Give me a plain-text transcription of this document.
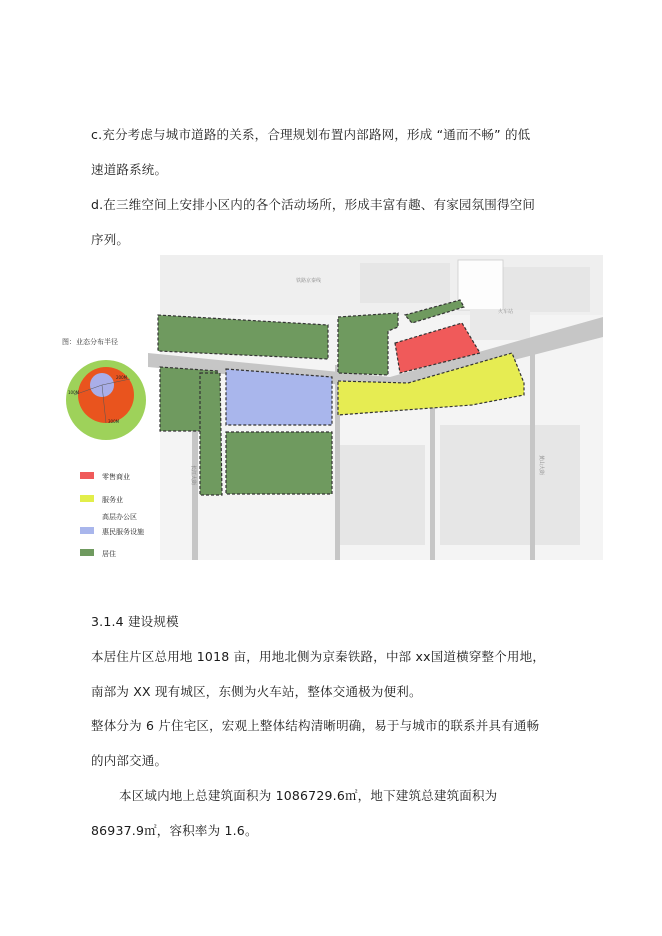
c.充分考虑与城市道路的关系，合理规划布置内部路网，形成 “通而不畅” 的低
速道路系统。
d.在三维空间上安排小区内的各个活动场所，形成丰富有趣、有家园氛围得空间
序列。
火车站
铁路京秦线
长江大街	黄山大街
图：业态分布半径
100M
200M
300M
零售商业
服务业
高层办公区
惠民服务设施
居住
3.1.4 建设规模
本居住片区总用地 1018 亩，用地北侧为京秦铁路，中部 xx国道横穿整个用地，
南部为 XX 现有城区，东侧为火车站，整体交通极为便利。
整体分为 6 片住宅区，宏观上整体结构清晰明确，易于与城市的联系并具有通畅
的内部交通。
本区域内地上总建筑面积为 1086729.6㎡，地下建筑总建筑面积为
86937.9㎡，容积率为 1.6。
